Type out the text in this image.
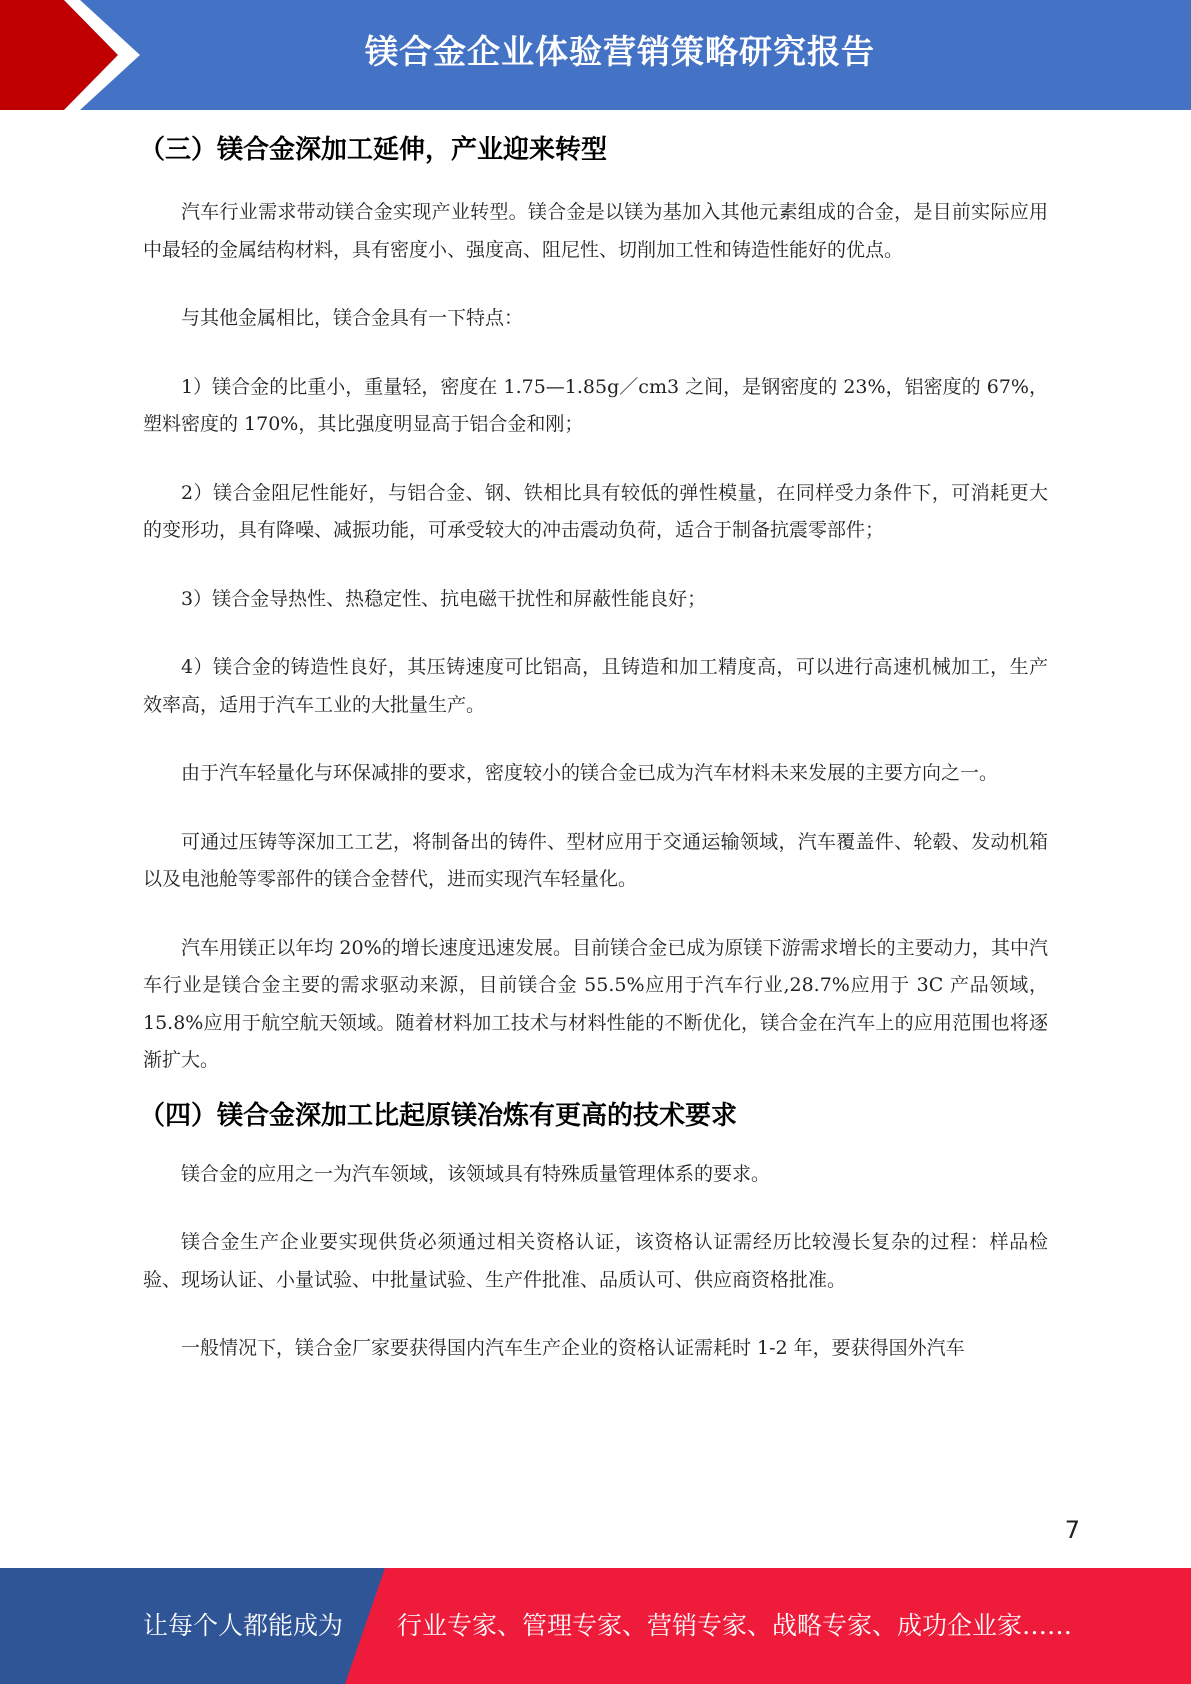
镁合金企业体验营销策略研究报告
（三）镁合金深加工延伸，产业迎来转型

汽车行业需求带动镁合金实现产业转型。镁合金是以镁为基加入其他元素组成的合金，是目前实际应用中最轻的金属结构材料，具有密度小、强度高、阻尼性、切削加工性和铸造性能好的优点。

与其他金属相比，镁合金具有一下特点：

1）镁合金的比重小，重量轻，密度在 1.75—1.85g／cm3 之间，是钢密度的 23%，铝密度的 67%，塑料密度的 170%，其比强度明显高于铝合金和刚；

2）镁合金阻尼性能好，与铝合金、钢、铁相比具有较低的弹性模量，在同样受力条件下，可消耗更大的变形功，具有降噪、减振功能，可承受较大的冲击震动负荷，适合于制备抗震零部件；

3）镁合金导热性、热稳定性、抗电磁干扰性和屏蔽性能良好；

4）镁合金的铸造性良好，其压铸速度可比铝高，且铸造和加工精度高，可以进行高速机械加工，生产效率高，适用于汽车工业的大批量生产。

由于汽车轻量化与环保减排的要求，密度较小的镁合金已成为汽车材料未来发展的主要方向之一。

可通过压铸等深加工工艺，将制备出的铸件、型材应用于交通运输领域，汽车覆盖件、轮毂、发动机箱以及电池舱等零部件的镁合金替代，进而实现汽车轻量化。

汽车用镁正以年均 20%的增长速度迅速发展。目前镁合金已成为原镁下游需求增长的主要动力，其中汽车行业是镁合金主要的需求驱动来源，目前镁合金 55.5%应用于汽车行业,28.7%应用于 3C 产品领域，15.8%应用于航空航天领域。随着材料加工技术与材料性能的不断优化，镁合金在汽车上的应用范围也将逐渐扩大。

（四）镁合金深加工比起原镁冶炼有更高的技术要求

镁合金的应用之一为汽车领域，该领域具有特殊质量管理体系的要求。

镁合金生产企业要实现供货必须通过相关资格认证，该资格认证需经历比较漫长复杂的过程：样品检验、现场认证、小量试验、中批量试验、生产件批准、品质认可、供应商资格批准。

一般情况下，镁合金厂家要获得国内汽车生产企业的资格认证需耗时 1-2 年，要获得国外汽车

7
让每个人都能成为 行业专家、管理专家、营销专家、战略专家、成功企业家……
